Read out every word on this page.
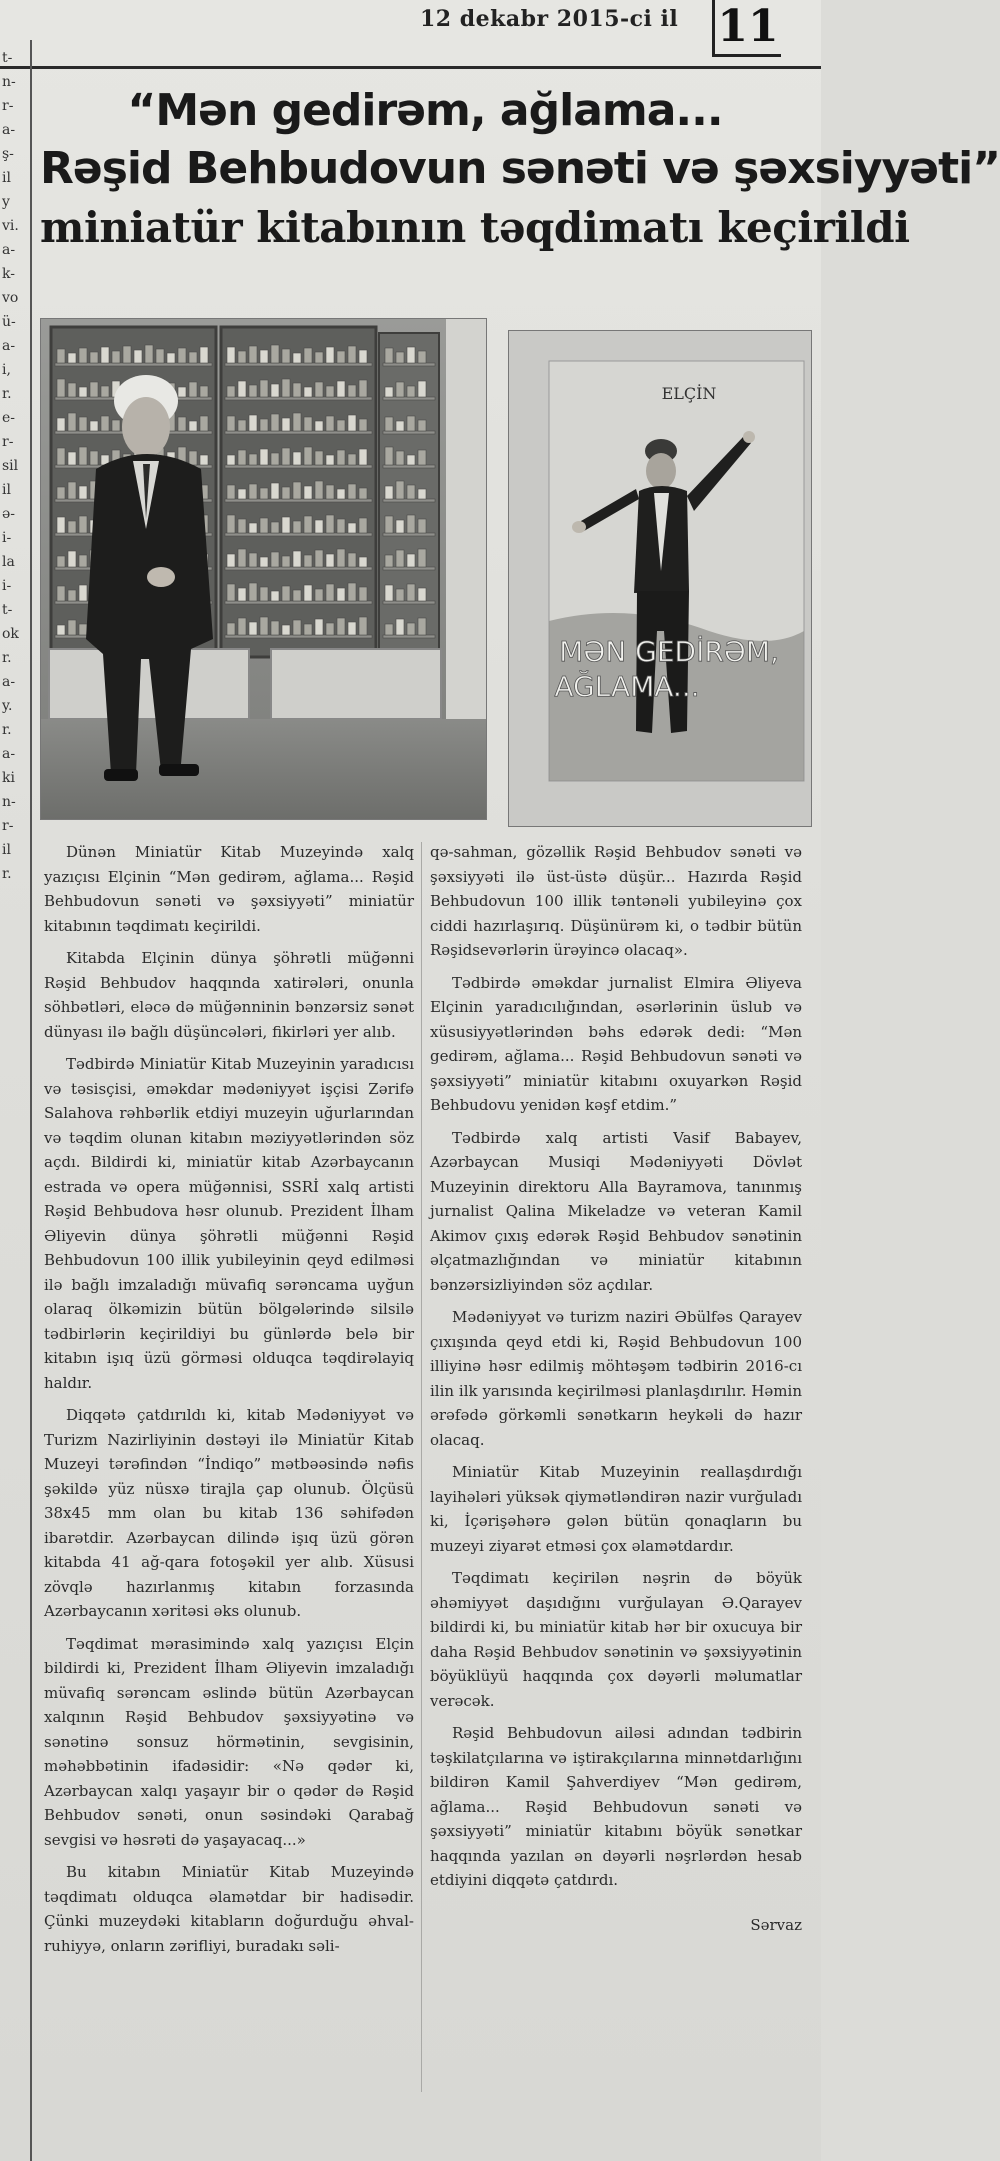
12 dekabr 2015-ci il 11
t-
n-
r-
a-
ş-
il
y
vi.
a-
k-
vo
ü-
a-
i,
r.
e-
r-
sil
il
ə-
i-
la
i-
t-
ok
r.
a-
y.
r.
a-
ki
n-
r-
il
r.
“Mən gedirəm, ağlama...
Rəşid Behbudovun sənəti və şəxsiyyəti”
miniatür kitabının təqdimatı keçirildi
ELÇİN
MƏN GEDİRƏM,
AĞLAMA...

Dünən Miniatür Kitab Muzeyində xalq yazıçısı Elçinin “Mən gedirəm, ağlama... Rəşid Behbudovun sənəti və şəxsiyyəti” miniatür kitabının təqdimatı keçirildi.

Kitabda Elçinin dünya şöhrətli müğənni Rəşid Behbudov haqqında xatirələri, onunla söhbətləri, eləcə də müğənninin bənzərsiz sənət dünyası ilə bağlı düşüncələri, fikirləri yer alıb.

Tədbirdə Miniatür Kitab Muzeyinin yaradıcısı və təsisçisi, əməkdar mədəniyyət işçisi Zərifə Salahova rəhbərlik etdiyi muzeyin uğurlarından və təqdim olunan kitabın məziyyətlərindən söz açdı. Bildirdi ki, miniatür kitab Azərbaycanın estrada və opera müğənnisi, SSRİ xalq artisti Rəşid Behbudova həsr olunub. Prezident İlham Əliyevin dünya şöhrətli müğənni Rəşid Behbudovun 100 illik yubileyinin qeyd edilməsi ilə bağlı imzaladığı müvafiq sərəncama uyğun olaraq ölkəmizin bütün bölgələrində silsilə tədbirlərin keçirildiyi bu günlərdə belə bir kitabın işıq üzü görməsi olduqca təqdirəlayiq haldır.

Diqqətə çatdırıldı ki, kitab Mədəniyyət və Turizm Nazirliyinin dəstəyi ilə Miniatür Kitab Muzeyi tərəfindən “İndiqo” mətbəəsində nəfis şəkildə yüz nüsxə tirajla çap olunub. Ölçüsü 38x45 mm olan bu kitab 136 səhifədən ibarətdir. Azərbaycan dilində işıq üzü görən kitabda 41 ağ-qara fotoşəkil yer alıb. Xüsusi zövqlə hazırlanmış kitabın forzasında Azərbaycanın xəritəsi əks olunub.

Təqdimat mərasimində xalq yazıçısı Elçin bildirdi ki, Prezident İlham Əliyevin imzaladığı müvafiq sərəncam əslində bütün Azərbaycan xalqının Rəşid Behbudov şəxsiyyətinə və sənətinə sonsuz hörmətinin, sevgisinin, məhəbbətinin ifadəsidir: «Nə qədər ki, Azərbaycan xalqı yaşayır bir o qədər də Rəşid Behbudov sənəti, onun səsindəki Qarabağ sevgisi və həsrəti də yaşayacaq...»

Bu kitabın Miniatür Kitab Muzeyində təqdimatı olduqca əlamətdar bir hadisədir. Çünki muzeydəki kitabların doğurduğu əhval-ruhiyyə, onların zərifliyi, buradakı səli-

qə-sahman, gözəllik Rəşid Behbudov sənəti və şəxsiyyəti ilə üst-üstə düşür... Hazırda Rəşid Behbudovun 100 illik təntənəli yubileyinə çox ciddi hazırlaşırıq. Düşünürəm ki, o tədbir bütün Rəşidsevərlərin ürəyincə olacaq».

Tədbirdə əməkdar jurnalist Elmira Əliyeva Elçinin yaradıcılığından, əsərlərinin üslub və xüsusiyyətlərindən bəhs edərək dedi: “Mən gedirəm, ağlama... Rəşid Behbudovun sənəti və şəxsiyyəti” miniatür kitabını oxuyarkən Rəşid Behbudovu yenidən kəşf etdim.”

Tədbirdə xalq artisti Vasif Babayev, Azərbaycan Musiqi Mədəniyyəti Dövlət Muzeyinin direktoru Alla Bayramova, tanınmış jurnalist Qalina Mikeladze və veteran Kamil Akimov çıxış edərək Rəşid Behbudov sənətinin əlçatmazlığından və miniatür kitabının bənzərsizliyindən söz açdılar.

Mədəniyyət və turizm naziri Əbülfəs Qarayev çıxışında qeyd etdi ki, Rəşid Behbudovun 100 illiyinə həsr edilmiş möhtəşəm tədbirin 2016-cı ilin ilk yarısında keçirilməsi planlaşdırılır. Həmin ərəfədə görkəmli sənətkarın heykəli də hazır olacaq.

Miniatür Kitab Muzeyinin reallaşdırdığı layihələri yüksək qiymətləndirən nazir vurğuladı ki, İçərişəhərə gələn bütün qonaqların bu muzeyi ziyarət etməsi çox əlamətdardır.

Təqdimatı keçirilən nəşrin də böyük əhəmiyyət daşıdığını vurğulayan Ə.Qarayev bildirdi ki, bu miniatür kitab hər bir oxucuya bir daha Rəşid Behbudov sənətinin və şəxsiyyətinin böyüklüyü haqqında çox dəyərli məlumatlar verəcək.

Rəşid Behbudovun ailəsi adından tədbirin təşkilatçılarına və iştirakçılarına minnətdarlığını bildirən Kamil Şahverdiyev “Mən gedirəm, ağlama... Rəşid Behbudovun sənəti və şəxsiyyəti” miniatür kitabını böyük sənətkar haqqında yazılan ən dəyərli nəşrlərdən hesab etdiyini diqqətə çatdırdı.

Sərvaz
